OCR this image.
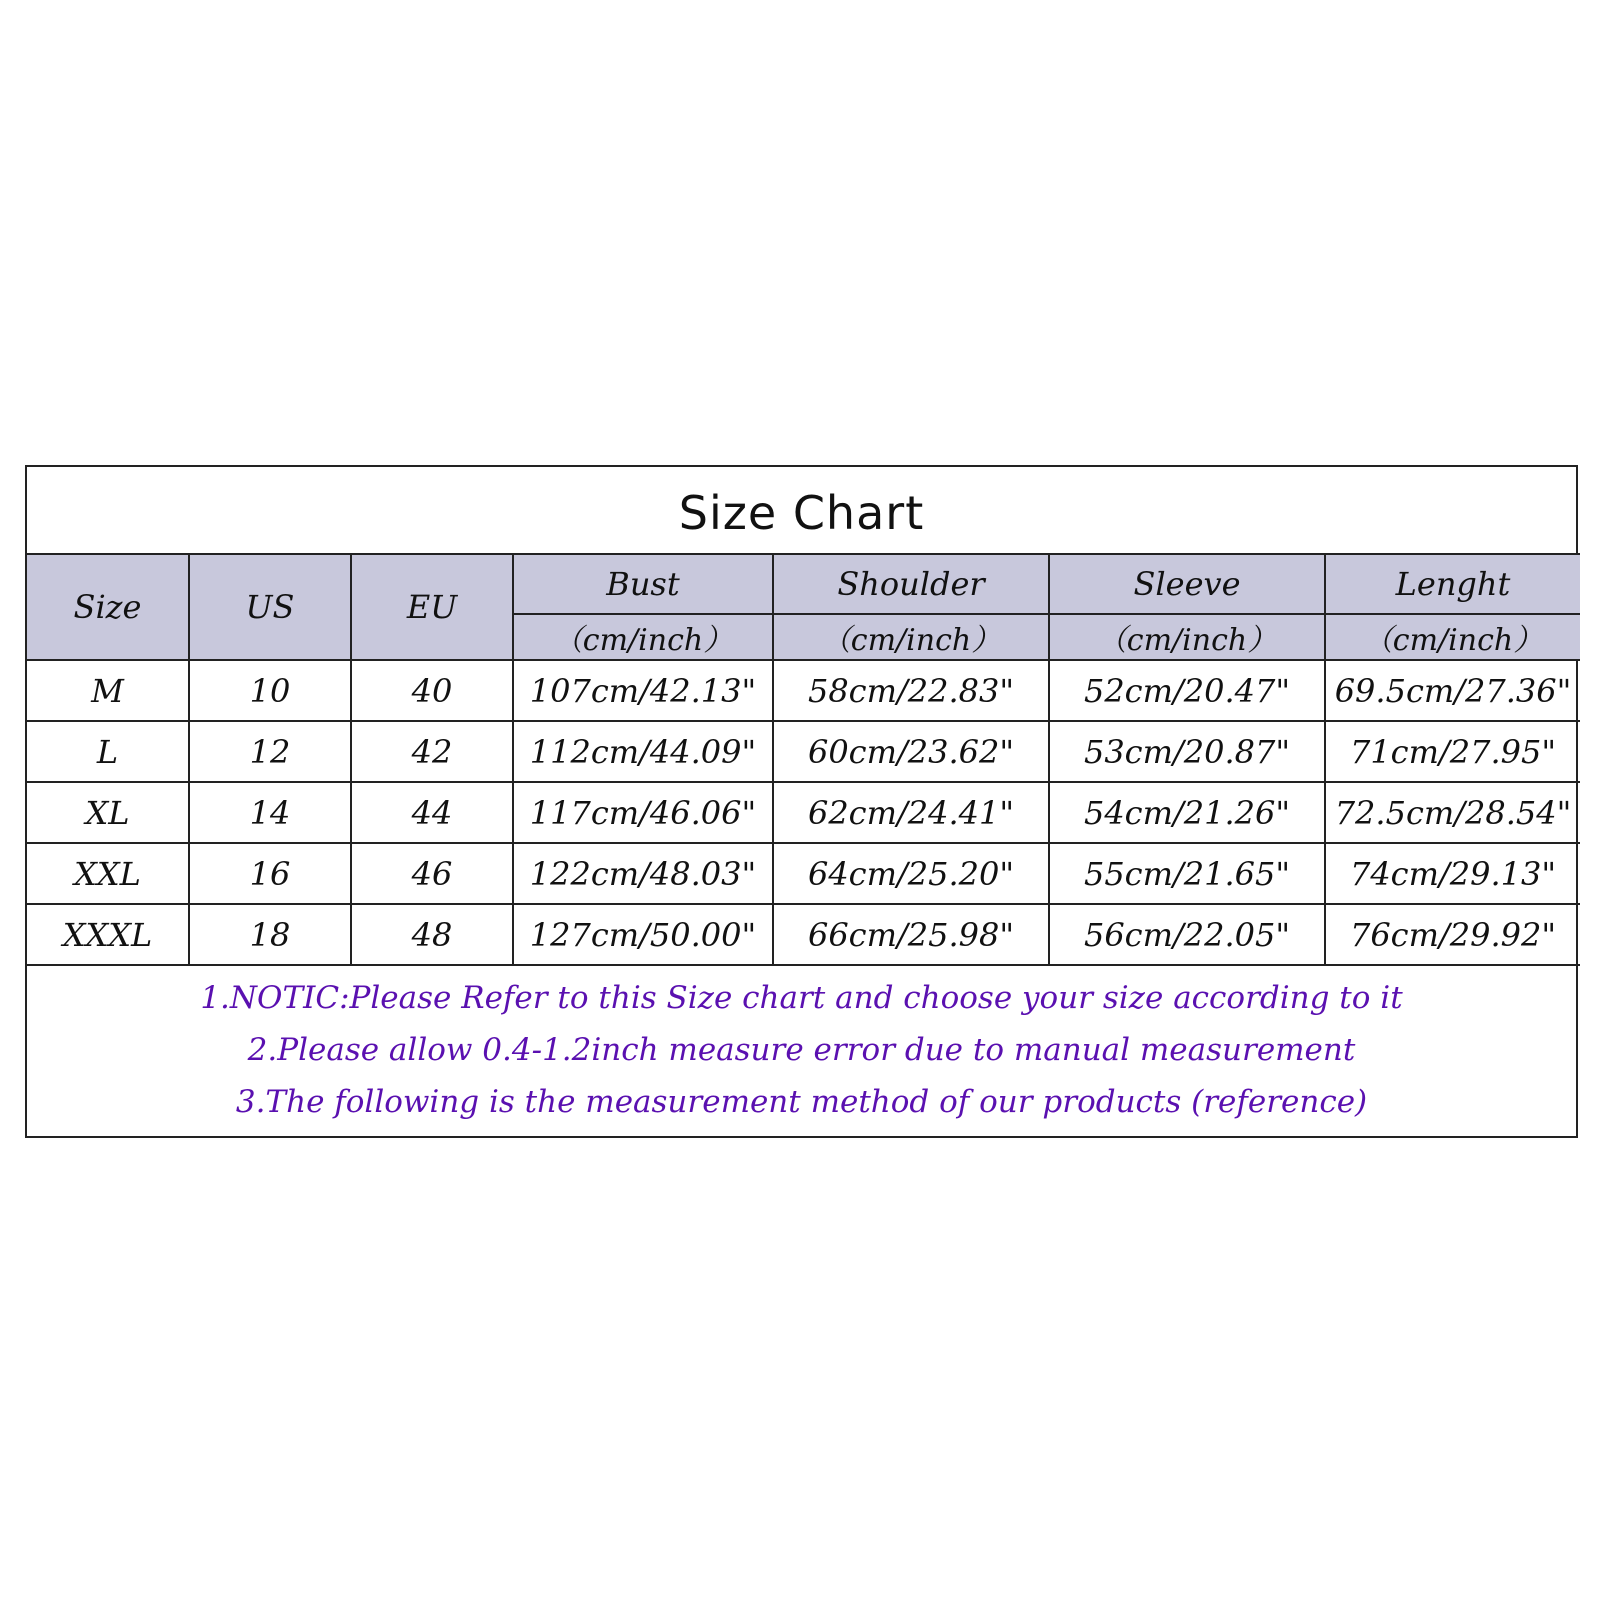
Size Chart
Size	US	EU	Bust	Shoulder	Sleeve	Lenght
			（cm/inch）	（cm/inch）	（cm/inch）	（cm/inch）
M	10	40	107cm/42.13"	58cm/22.83"	52cm/20.47"	69.5cm/27.36"
L	12	42	112cm/44.09"	60cm/23.62"	53cm/20.87"	71cm/27.95"
XL	14	44	117cm/46.06"	62cm/24.41"	54cm/21.26"	72.5cm/28.54"
XXL	16	46	122cm/48.03"	64cm/25.20"	55cm/21.65"	74cm/29.13"
XXXL	18	48	127cm/50.00"	66cm/25.98"	56cm/22.05"	76cm/29.92"
1.NOTIC:Please Refer to this Size chart and choose your size according to it
2.Please allow 0.4-1.2inch measure error due to manual measurement
3.The following is the measurement method of our products (reference)
